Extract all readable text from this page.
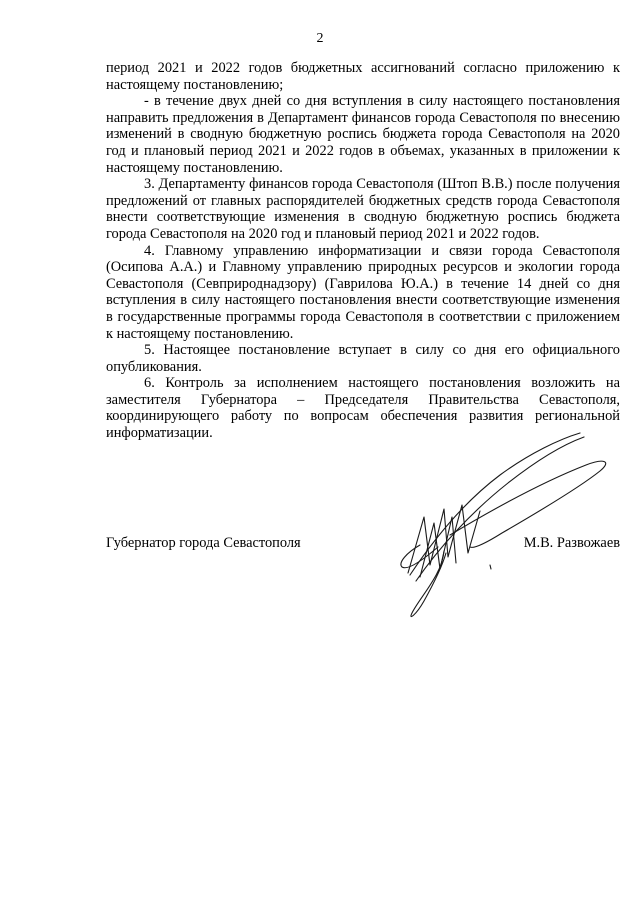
2

период 2021 и 2022 годов бюджетных ассигнований согласно приложению к настоящему постановлению;

- в течение двух дней со дня вступления в силу настоящего постановления направить предложения в Департамент финансов города Севастополя по внесению изменений в сводную бюджетную роспись бюджета города Севастополя на 2020 год и плановый период 2021 и 2022 годов в объемах, указанных в приложении к настоящему постановлению.

3. Департаменту финансов города Севастополя (Штоп В.В.) после получения предложений от главных распорядителей бюджетных средств города Севастополя внести соответствующие изменения в сводную бюджетную роспись бюджета города Севастополя на 2020 год и плановый период 2021 и 2022 годов.

4. Главному управлению информатизации и связи города Севастополя (Осипова А.А.) и Главному управлению природных ресурсов и экологии города Севастополя (Севприроднадзору) (Гаврилова Ю.А.) в течение 14 дней со дня вступления в силу настоящего постановления внести соответствующие изменения в государственные программы города Севастополя в соответствии с приложением к настоящему постановлению.

5. Настоящее постановление вступает в силу со дня его официального опубликования.

6. Контроль за исполнением настоящего постановления возложить на заместителя Губернатора – Председателя Правительства Севастополя, координирующего работу по вопросам обеспечения развития региональной информатизации.

Губернатор города Севастополя	М.В. Развожаев
